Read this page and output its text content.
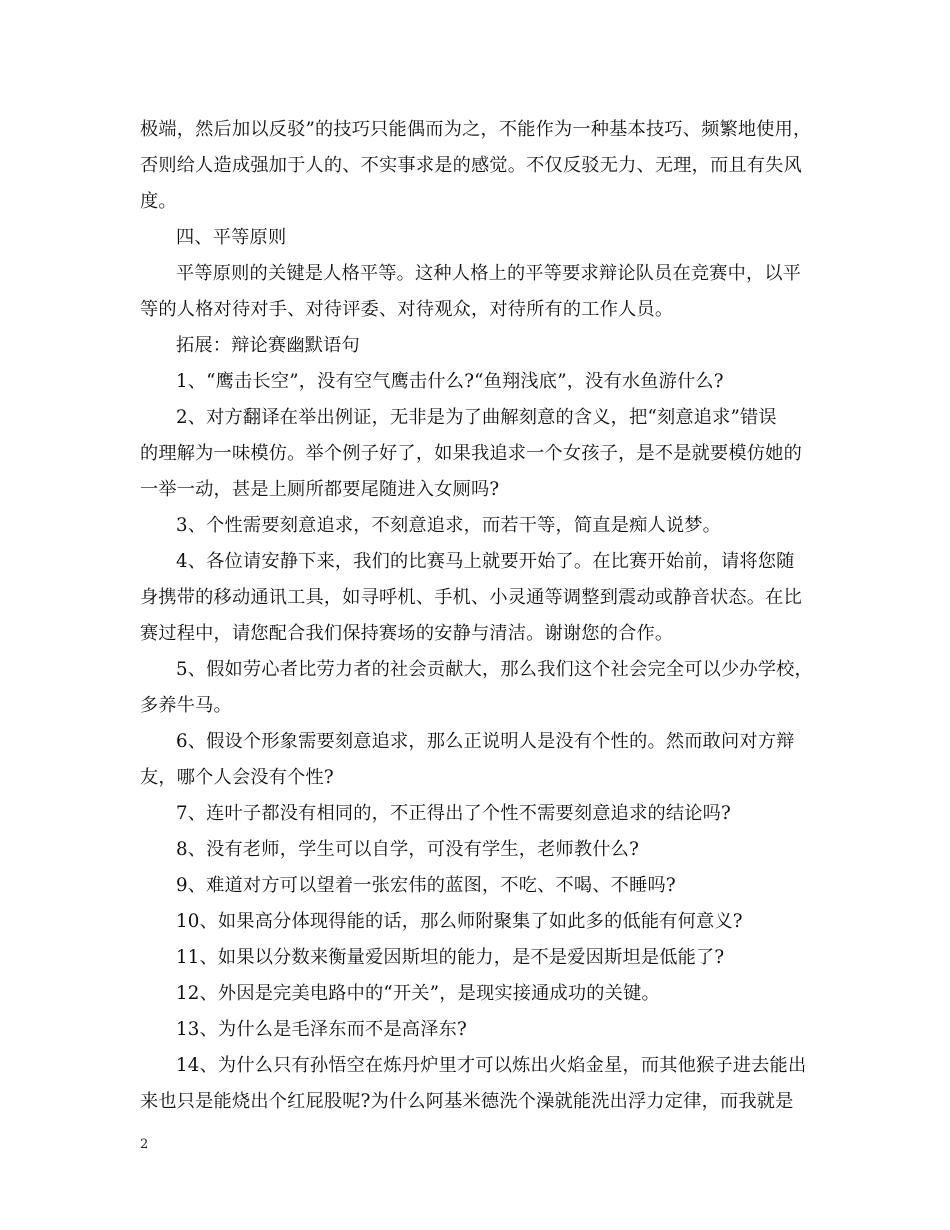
极端，然后加以反驳”的技巧只能偶而为之，不能作为一种基本技巧、频繁地使用，
否则给人造成强加于人的、不实事求是的感觉。不仅反驳无力、无理，而且有失风
度。
四、平等原则
平等原则的关键是人格平等。这种人格上的平等要求辩论队员在竞赛中，以平
等的人格对待对手、对待评委、对待观众，对待所有的工作人员。
拓展：辩论赛幽默语句
1、“鹰击长空”，没有空气鹰击什么?“鱼翔浅底”，没有水鱼游什么?
2、对方翻译在举出例证，无非是为了曲解刻意的含义，把“刻意追求”错误
的理解为一味模仿。举个例子好了，如果我追求一个女孩子，是不是就要模仿她的
一举一动，甚是上厕所都要尾随进入女厕吗?
3、个性需要刻意追求，不刻意追求，而若干等，简直是痴人说梦。
4、各位请安静下来，我们的比赛马上就要开始了。在比赛开始前，请将您随
身携带的移动通讯工具，如寻呼机、手机、小灵通等调整到震动或静音状态。在比
赛过程中，请您配合我们保持赛场的安静与清洁。谢谢您的合作。
5、假如劳心者比劳力者的社会贡献大，那么我们这个社会完全可以少办学校，
多养牛马。
6、假设个形象需要刻意追求，那么正说明人是没有个性的。然而敢问对方辩
友，哪个人会没有个性?
7、连叶子都没有相同的，不正得出了个性不需要刻意追求的结论吗?
8、没有老师，学生可以自学，可没有学生，老师教什么?
9、难道对方可以望着一张宏伟的蓝图，不吃、不喝、不睡吗?
10、如果高分体现得能的话，那么师附聚集了如此多的低能有何意义?
11、如果以分数来衡量爱因斯坦的能力，是不是爱因斯坦是低能了?
12、外因是完美电路中的“开关”，是现实接通成功的关键。
13、为什么是毛泽东而不是高泽东?
14、为什么只有孙悟空在炼丹炉里才可以炼出火焰金星，而其他猴子进去能出
来也只是能烧出个红屁股呢?为什么阿基米德洗个澡就能洗出浮力定律，而我就是
2
